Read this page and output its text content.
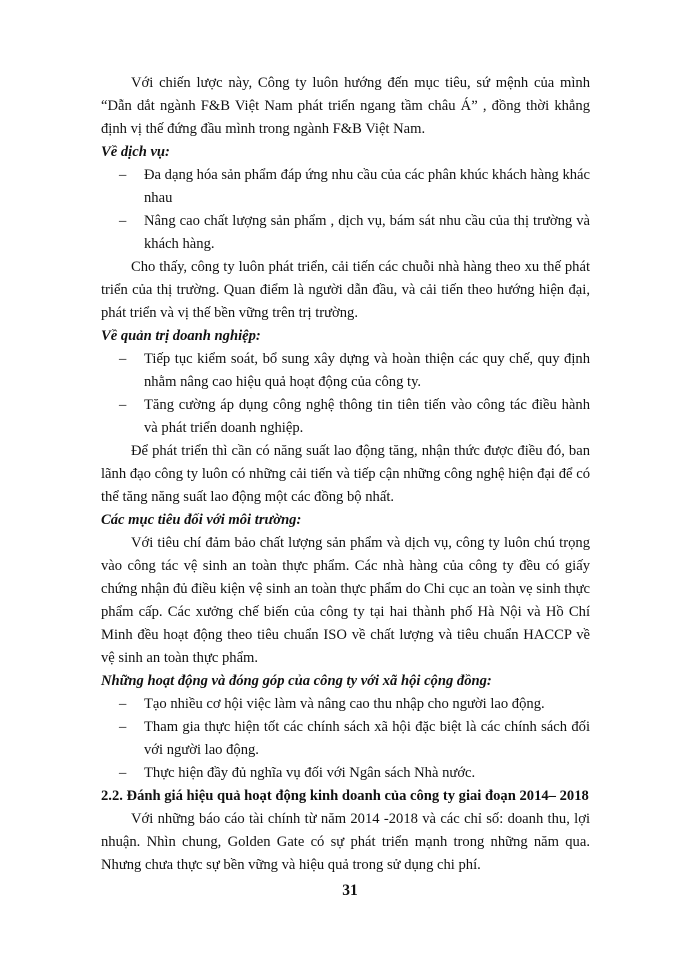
Với chiến lược này, Công ty luôn hướng đến mục tiêu, sứ mệnh của mình “Dẫn dắt ngành F&B Việt Nam phát triển ngang tầm châu Á” , đồng thời khẳng định vị thế đứng đầu mình trong ngành F&B Việt Nam.

Về dịch vụ:

– Đa dạng hóa sản phẩm đáp ứng nhu cầu của các phân khúc khách hàng khác nhau
– Nâng cao chất lượng sản phẩm , dịch vụ, bám sát nhu cầu của thị trường và khách hàng.

Cho thấy, công ty luôn phát triển, cải tiến các chuỗi nhà hàng theo xu thế phát triển của thị trường. Quan điểm là người dẫn đầu, và cải tiến theo hướng hiện đại, phát triển và vị thế bền vững trên trị trường.

Về quản trị doanh nghiệp:

– Tiếp tục kiểm soát, bổ sung xây dựng và hoàn thiện các quy chế, quy định nhằm nâng cao hiệu quả hoạt động của công ty.
– Tăng cường áp dụng công nghệ thông tin tiên tiến vào công tác điều hành và phát triển doanh nghiệp.

Để phát triển thì cần có năng suất lao động tăng, nhận thức được điều đó, ban lãnh đạo công ty luôn có những cải tiến và tiếp cận những công nghệ hiện đại để có thể tăng năng suất lao động một các đồng bộ nhất.

Các mục tiêu đối với môi trường:

Với tiêu chí đảm bảo chất lượng sản phẩm và dịch vụ, công ty luôn chú trọng vào công tác vệ sinh an toàn thực phẩm. Các nhà hàng của công ty đều có giấy chứng nhận đủ điều kiện vệ sinh an toàn thực phẩm do Chi cục an toàn vẹ sinh thực phẩm cấp. Các xưởng chế biến của công ty tại hai thành phố Hà Nội và Hồ Chí Minh đều hoạt động theo tiêu chuẩn ISO về chất lượng và tiêu chuẩn HACCP về vệ sinh an toàn thực phẩm.

Những hoạt động và đóng góp của công ty với xã hội cộng đồng:

– Tạo nhiều cơ hội việc làm và nâng cao thu nhập cho người lao động.
– Tham gia thực hiện tốt các chính sách xã hội đặc biệt là các chính sách đối với người lao động.
– Thực hiện đầy đủ nghĩa vụ đối với Ngân sách Nhà nước.

2.2. Đánh giá hiệu quả hoạt động kinh doanh của công ty giai đoạn 2014– 2018

Với những báo cáo tài chính từ năm 2014 -2018 và các chỉ số: doanh thu, lợi nhuận. Nhìn chung, Golden Gate có sự phát triển mạnh trong những năm qua. Nhưng chưa thực sự bền vững và hiệu quả trong sử dụng chi phí.

31
